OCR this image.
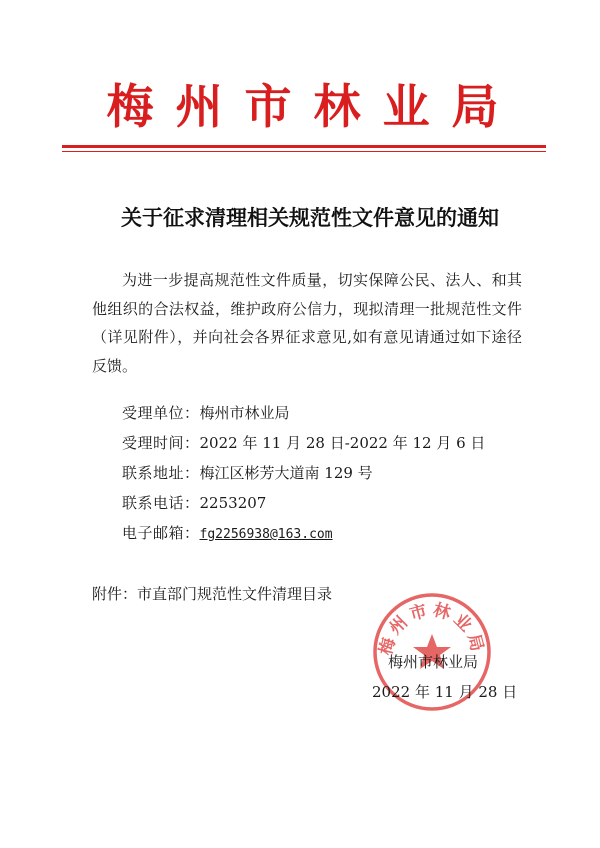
梅州市林业局
关于征求清理相关规范性文件意见的通知
为进一步提高规范性文件质量，切实保障公民、法人、和其他组织的合法权益，维护政府公信力，现拟清理一批规范性文件（详见附件），并向社会各界征求意见,如有意见请通过如下途径反馈。
受理单位：梅州市林业局
受理时间：2022 年 11 月 28 日-2022 年 12 月 6 日
联系地址：梅江区彬芳大道南 129 号
联系电话：2253207
电子邮箱：fg2256938@163.com
附件：市直部门规范性文件清理目录
梅州市林业局
梅州市林业局
2022 年 11 月 28 日
